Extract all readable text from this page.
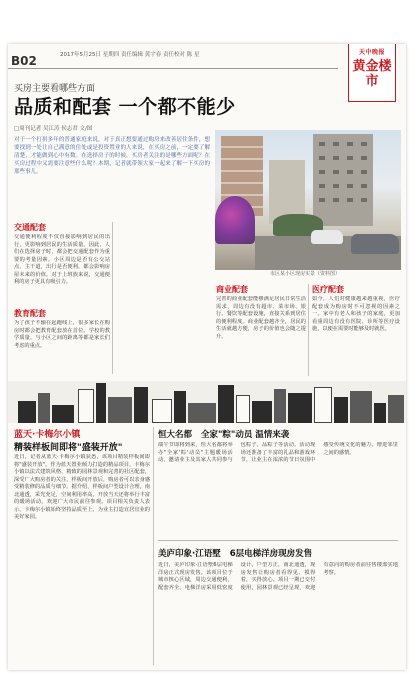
B02	2017年5月25日 星期四 责任编辑 黄宇春 责任校对 陈 星	天中晚报
黄金楼市
买房主要看哪些方面
品质和配套 一个都不能少
□周刊记者 吴江涛 侯志君 文/图
对于一个打拼多年的普通家庭来说，对于真正想要通过购房来改善居住条件，想要找到一处让自己满意的住处或是投资置业的人来说，在买房之前，一定要了解清楚，才能做到心中有数。在选择房子的时候，买房者关注的是哪些方面呢？在买房过程中又需要注意些什么呢？本期，记者就带领大家一起来了解一下买房的那些事儿。
市区某小区现房实景（资料图）
交通配套
交通便利程度不仅直接影响到居民的出行，更影响到居民的生活质量。因此，人们在选择房子时，都会把交通配套作为重要的考量因素。小区周边是否有公交站点、主干道，出行是否便利，都会影响房屋未来的价值。对于上班族来说，交通便利的房子更具有吸引力。
教育配套
为了孩子不输在起跑线上，很多家长在购房时都会把教育配套放在首位。学校的教学质量、与小区之间的距离等都是家长们考虑的重点。
商业配套
完善的商业配套能够满足居民日常生活需求，周边有没有超市、菜市场、银行、餐饮等配套设施，直接关系到居住的便利程度。商业配套越齐全，居民的生活就越方便，房子的价值也会随之提升。
医疗配套
如今，人们对健康越来越重视，医疗配套成为购房时不可忽视的因素之一。家中有老人和孩子的家庭，更加看重周边有没有医院、诊所等医疗设施，以便在需要时能够及时就医。
蓝天·卡梅尔小镇
精装样板间即将"盛装开放"
近日，记者从蓝天·卡梅尔小镇获悉，该项目精装样板间即将"盛装开放"。作为蓝天置业倾力打造的精品项目，卡梅尔小镇以法式建筑风格、精致的园林景观和完善的社区配套，深受广大购房者的关注。样板间开放后，购房者可以亲身感受精装修的品质与细节。据介绍，样板间户型设计合理，南北通透，采光充足，空间利用率高。开放当天还将举行丰富的暖场活动，欢迎广大市民前往参观。项目相关负责人表示，卡梅尔小镇始终坚持品质至上，为业主打造宜居宜业的美好家园。
恒大名都 全家"粽"动员 温情来袭
端午节即将到来，恒大名都将举办"全家'粽'动员"主题暖场活动，邀请业主及其家人共同参与包粽子、品粽子等活动。活动现场还准备了丰富的礼品和游戏环节，让业主在浓浓的节日氛围中感受传统文化的魅力，增进邻里之间的感情。
美庐印象·江语墅 6层电梯洋房现房发售
近日，美庐印象·江语墅6层电梯洋房正式现房发售。该项目位于城市核心区域，周边交通便利，配套齐全。电梯洋房采用低密度设计，户型方正，南北通透，现房发售让购房者看得见、摸得着，买得放心。项目一期已交付使用，园林景观已经呈现，欢迎有意向的购房者前往售楼部实地考察。
